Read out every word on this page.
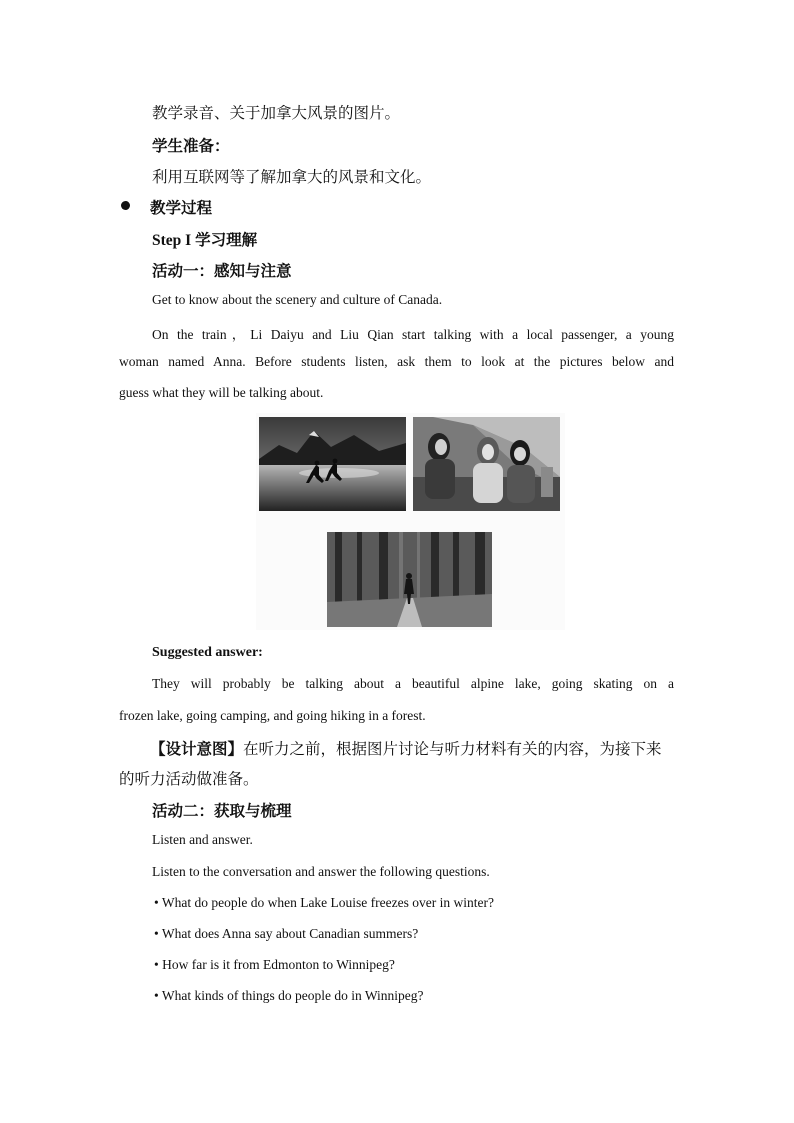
教学录音、关于加拿大风景的图片。
学生准备：
利用互联网等了解加拿大的风景和文化。
教学过程
Step I 学习理解
活动一：感知与注意
Get to know about the scenery and culture of Canada.
On the train，Li Daiyu and Liu Qian start talking with a local passenger, a young
woman named Anna. Before students listen, ask them to look at the pictures below and
guess what they will be talking about.
Suggested answer:
They will probably be talking about a beautiful alpine lake, going skating on a
frozen lake, going camping, and going hiking in a forest.
【设计意图】在听力之前，根据图片讨论与听力材料有关的内容，为接下来
的听力活动做准备。
活动二：获取与梳理
Listen and answer.
Listen to the conversation and answer the following questions.
• What do people do when Lake Louise freezes over in winter?
• What does Anna say about Canadian summers?
• How far is it from Edmonton to Winnipeg?
• What kinds of things do people do in Winnipeg?
